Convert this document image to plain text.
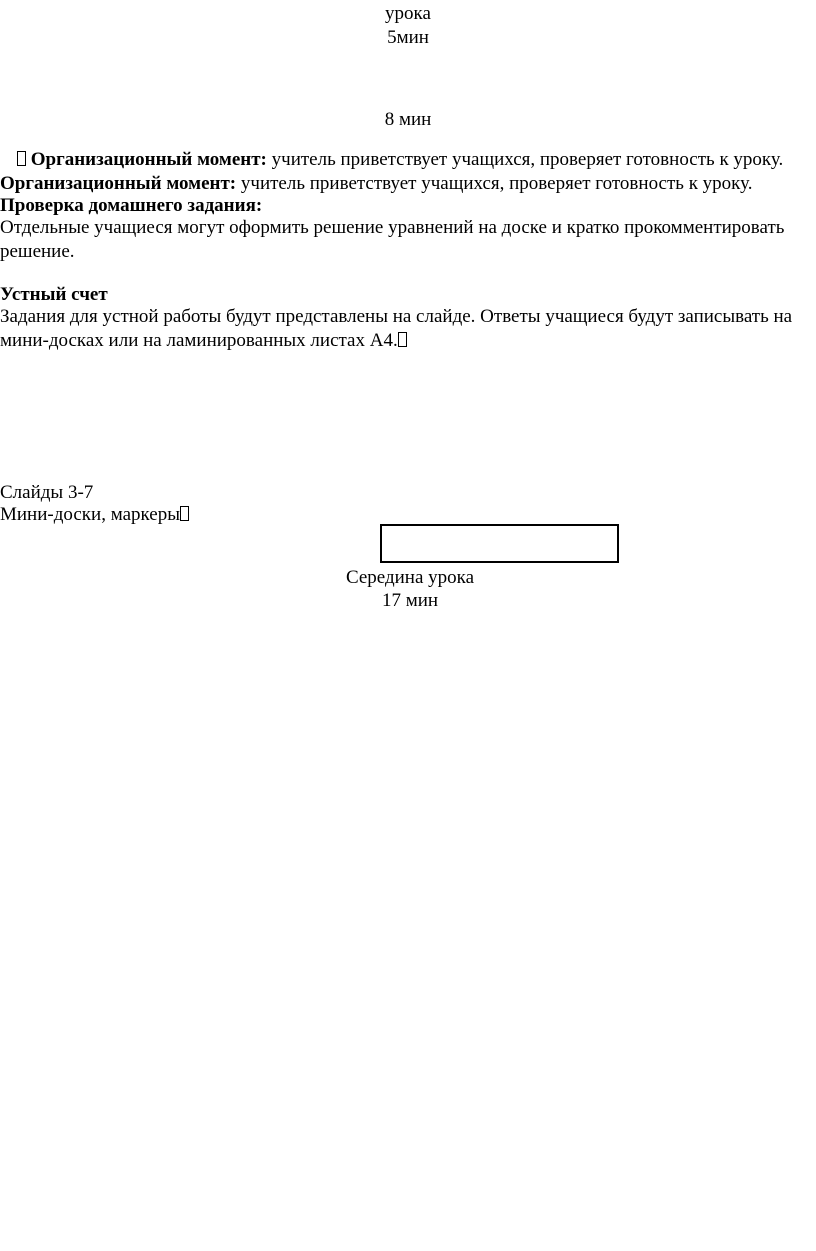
урока
5мин
8 мин
Организационный момент: учитель приветствует учащихся, проверяет готовность к уроку.
Организационный момент: учитель приветствует учащихся, проверяет готовность к уроку.
Проверка домашнего задания:
Отдельные учащиеся могут оформить решение уравнений на доске и кратко прокомментировать решение.
Устный счет
Задания для устной работы будут представлены на слайде. Ответы учащиеся будут записывать на мини-досках или на ламинированных листах А4.
Слайды 3-7
Мини-доски, маркеры
Середина урока
17 мин
